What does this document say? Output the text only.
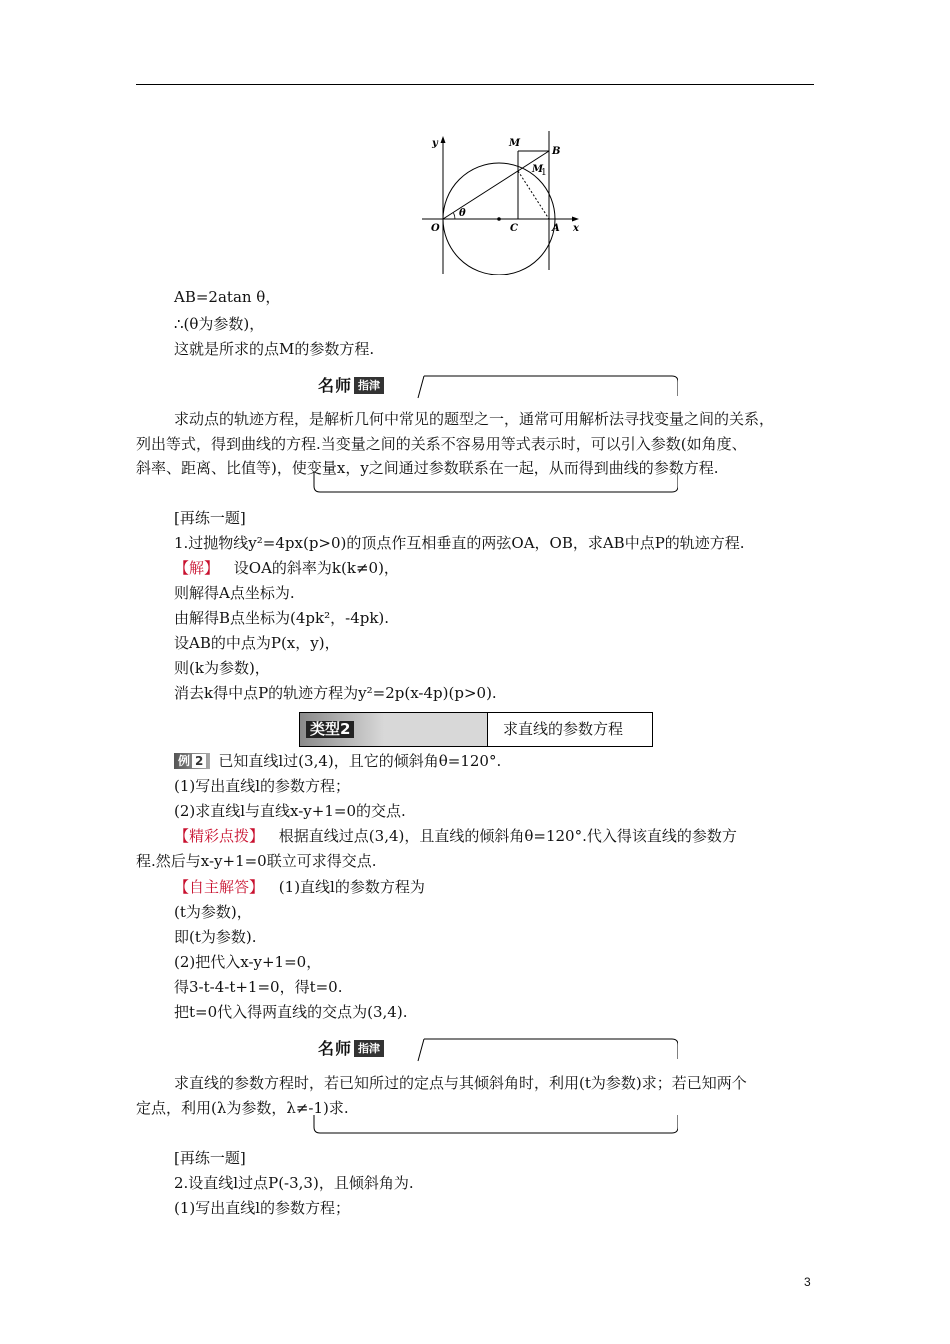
y	M
B
M
1
θ
O	C	A x
AB=2atan θ，
∴(θ为参数)，
这就是所求的点M的参数方程.
名师 指津
求动点的轨迹方程，是解析几何中常见的题型之一，通常可用解析法寻找变量之间的关系，
列出等式，得到曲线的方程.当变量之间的关系不容易用等式表示时，可以引入参数(如角度、
斜率、距离、比值等)，使变量x，y之间通过参数联系在一起，从而得到曲线的参数方程.
[再练一题]
1.过抛物线y²=4px(p>0)的顶点作互相垂直的两弦OA，OB，求AB中点P的轨迹方程.
【解】 设OA的斜率为k(k≠0)，
则解得A点坐标为.
由解得B点坐标为(4pk²，-4pk).
设AB的中点为P(x，y)，
则(k为参数)，
消去k得中点P的轨迹方程为y²=2p(x-4p)(p>0).
类型2	求直线的参数方程
例 2 已知直线l过(3,4)，且它的倾斜角θ=120°.
(1)写出直线l的参数方程；
(2)求直线l与直线x-y+1=0的交点.
【精彩点拨】 根据直线过点(3,4)，且直线的倾斜角θ=120°.代入得该直线的参数方
程.然后与x-y+1=0联立可求得交点.
【自主解答】 (1)直线l的参数方程为
(t为参数)，
即(t为参数).
(2)把代入x-y+1=0，
得3-t-4-t+1=0，得t=0.
把t=0代入得两直线的交点为(3,4).
名师 指津
求直线的参数方程时，若已知所过的定点与其倾斜角时，利用(t为参数)求；若已知两个
定点，利用(λ为参数，λ≠-1)求.
[再练一题]
2.设直线l过点P(-3,3)，且倾斜角为.
(1)写出直线l的参数方程；
3
